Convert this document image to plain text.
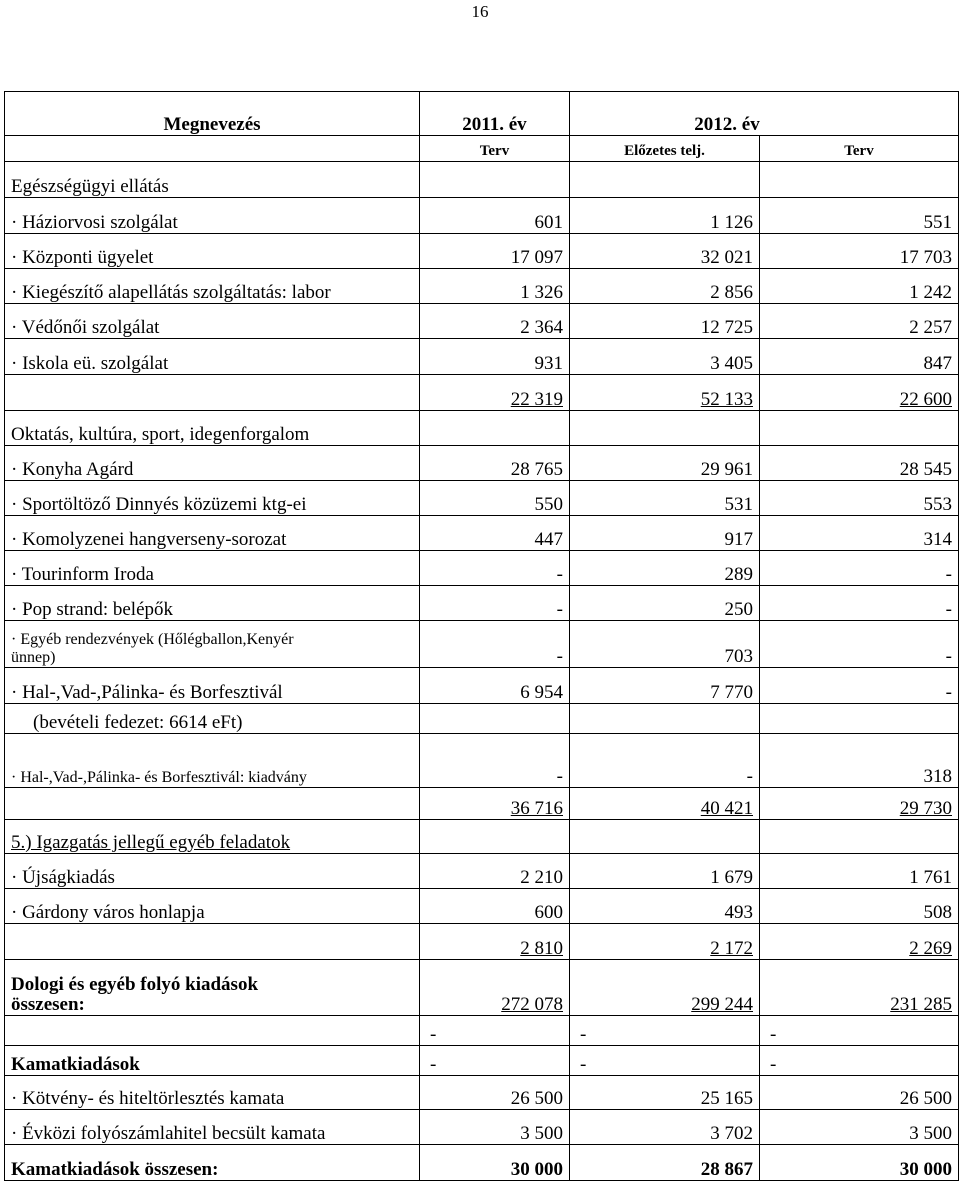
16
Megnevezés	2011. év	2012. év	
	Terv	Előzetes telj.	Terv
Egészségügyi ellátás			
· Háziorvosi szolgálat	601	1 126	551
· Központi ügyelet	17 097	32 021	17 703
· Kiegészítő alapellátás szolgáltatás: labor	1 326	2 856	1 242
· Védőnői szolgálat	2 364	12 725	2 257
· Iskola eü. szolgálat	931	3 405	847
	22 319	52 133	22 600
Oktatás, kultúra, sport, idegenforgalom			
· Konyha Agárd	28 765	29 961	28 545
· Sportöltöző Dinnyés közüzemi ktg-ei	550	531	553
· Komolyzenei hangverseny-sorozat	447	917	314
· Tourinform Iroda	-	289	-
· Pop strand: belépők	-	250	-
· Egyéb rendezvények (Hőlégballon,Kenyér ünnep)	-	703	-
· Hal-,Vad-,Pálinka- és Borfesztivál	6 954	7 770	-
(bevételi fedezet: 6614 eFt)			
· Hal-,Vad-,Pálinka- és Borfesztivál: kiadvány	-	-	318
	36 716	40 421	29 730
5.) Igazgatás jellegű egyéb feladatok			
· Újságkiadás	2 210	1 679	1 761
· Gárdony város honlapja	600	493	508
	2 810	2 172	2 269
Dologi és egyéb folyó kiadások összesen:	272 078	299 244	231 285
	-	-	-
Kamatkiadások	-	-	-
· Kötvény- és hiteltörlesztés kamata	26 500	25 165	26 500
· Évközi folyószámlahitel becsült kamata	3 500	3 702	3 500
Kamatkiadások összesen:	30 000	28 867	30 000
